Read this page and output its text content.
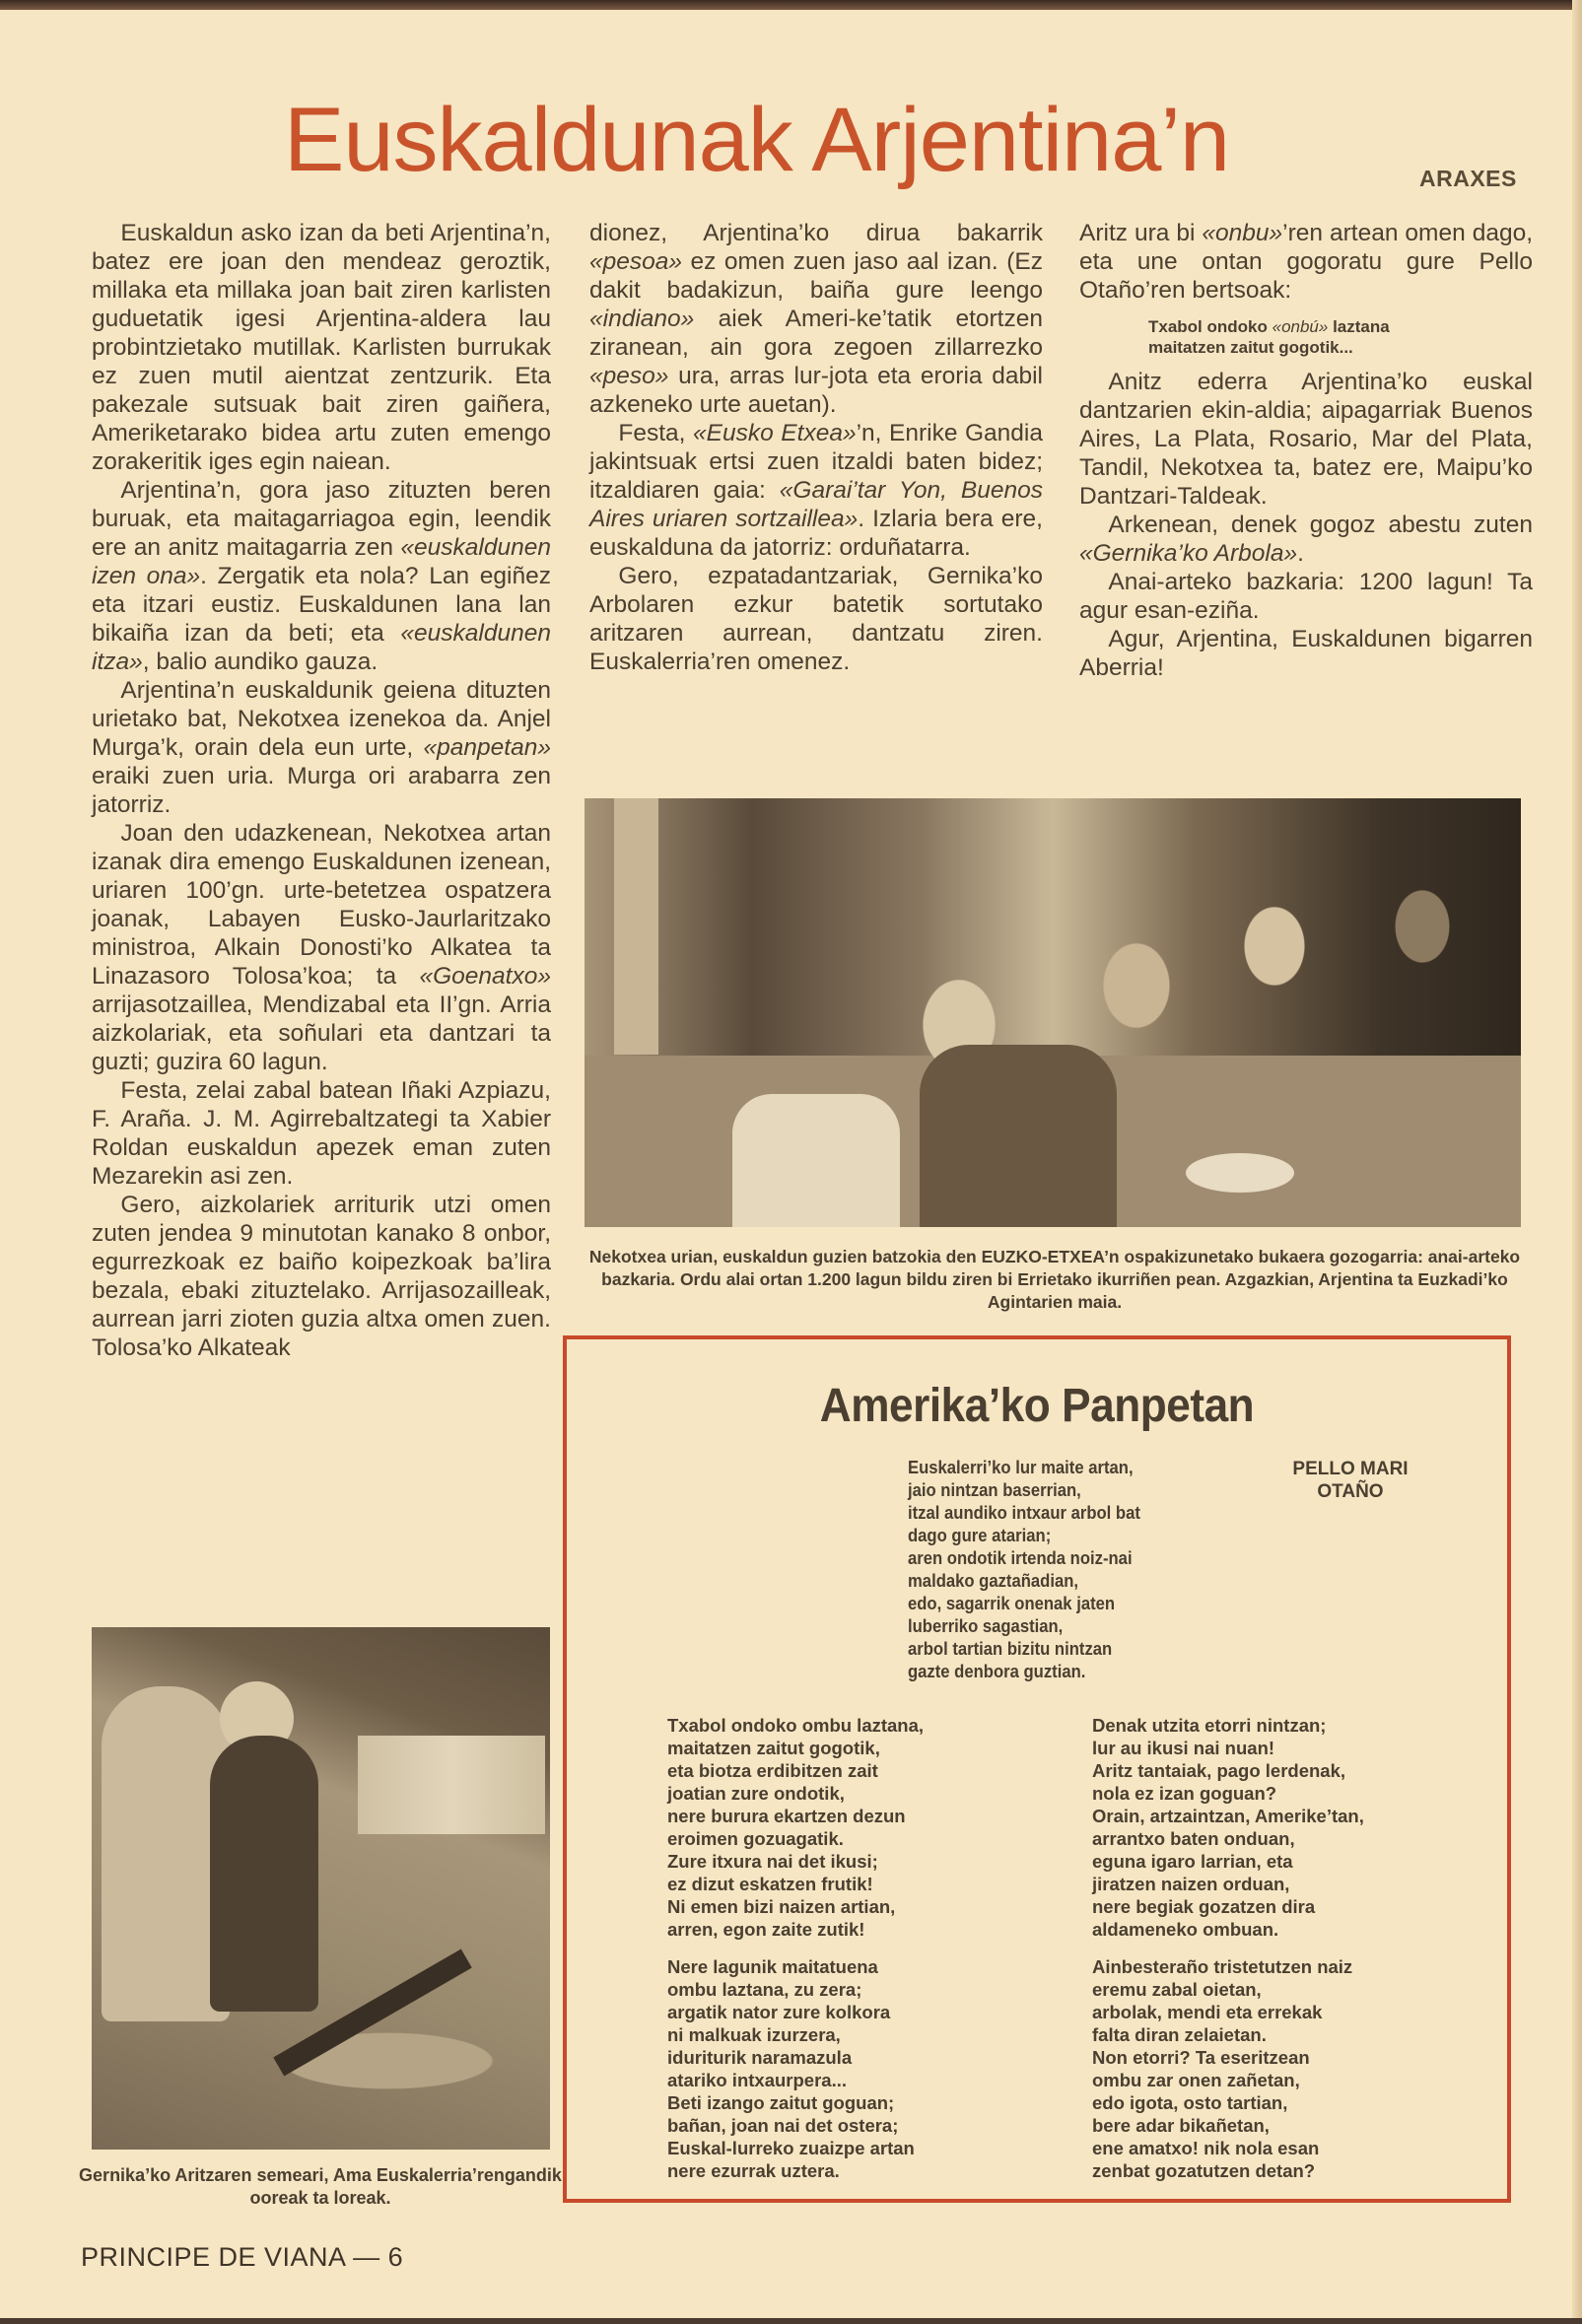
Euskaldunak Arjentina’n	ARAXES

Euskaldun asko izan da beti Arjentina’n, batez ere joan den mendeaz geroztik, millaka eta millaka joan bait ziren karlisten guduetatik igesi Arjentina-aldera lau probintzietako mutillak. Karlisten burrukak ez zuen mutil aientzat zentzurik. Eta pakezale sutsuak bait ziren gaiñera, Ameriketarako bidea artu zuten emengo zorakeritik iges egin naiean.

Arjentina’n, gora jaso zituzten beren buruak, eta maitagarriagoa egin, leendik ere an anitz maitagarria zen «euskaldunen izen ona». Zergatik eta nola? Lan egiñez eta itzari eustiz. Euskaldunen lana lan bikaiña izan da beti; eta «euskaldunen itza», balio aundiko gauza.

Arjentina’n euskaldunik geiena dituzten urietako bat, Nekotxea izenekoa da. Anjel Murga’k, orain dela eun urte, «panpetan» eraiki zuen uria. Murga ori arabarra zen jatorriz.

Joan den udazkenean, Nekotxea artan izanak dira emengo Euskaldunen izenean, uriaren 100’gn. urte-betetzea ospatzera joanak, Labayen Eusko-Jaurlaritzako ministroa, Alkain Donosti’ko Alkatea ta Linazasoro Tolosa’koa; ta «Goenatxo» arrijasotzaillea, Mendizabal eta II’gn. Arria aizkolariak, eta soñulari eta dantzari ta guzti; guzira 60 lagun.

Festa, zelai zabal batean Iñaki Azpiazu, F. Araña. J. M. Agirrebaltzategi ta Xabier Roldan euskaldun apezek eman zuten Mezarekin asi zen.

Gero, aizkolariek arriturik utzi omen zuten jendea 9 minutotan kanako 8 onbor, egurrezkoak ez baiño koipezkoak ba’lira bezala, ebaki zituztelako. Arrijasozailleak, aurrean jarri zioten guzia altxa omen zuen. Tolosa’ko Alkateak

dionez, Arjentina’ko dirua bakarrik «pesoa» ez omen zuen jaso aal izan. (Ez dakit badakizun, baiña gure leengo «indiano» aiek Ameri-ke’tatik etortzen ziranean, ain gora zegoen zillarrezko «peso» ura, arras lur-jota eta eroria dabil azkeneko urte auetan).

Festa, «Eusko Etxea»’n, Enrike Gandia jakintsuak ertsi zuen itzaldi baten bidez; itzaldiaren gaia: «Garai’tar Yon, Buenos Aires uriaren sortzaillea». Izlaria bera ere, euskalduna da jatorriz: orduñatarra.

Gero, ezpatadantzariak, Gernika’ko Arbolaren ezkur batetik sortutako aritzaren aurrean, dantzatu ziren. Euskalerria’ren omenez.

Aritz ura bi «onbu»’ren artean omen dago, eta une ontan gogoratu gure Pello Otaño’ren bertsoak:

Txabol ondoko «onbú» laztana
maitatzen zaitut gogotik...

Anitz ederra Arjentina’ko euskal dantzarien ekin-aldia; aipagarriak Buenos Aires, La Plata, Rosario, Mar del Plata, Tandil, Nekotxea ta, batez ere, Maipu’ko Dantzari-Taldeak.

Arkenean, denek gogoz abestu zuten «Gernika’ko Arbola».

Anai-arteko bazkaria: 1200 lagun! Ta agur esan-eziña.

Agur, Arjentina, Euskaldunen bigarren Aberria!

Nekotxea urian, euskaldun guzien batzokia den EUZKO-ETXEA’n ospakizunetako bukaera gozogarria: anai-arteko bazkaria. Ordu alai ortan 1.200 lagun bildu ziren bi Errietako ikurriñen pean. Azgazkian, Arjentina ta Euzkadi’ko Agintarien maia.
Gernika’ko Aritzaren semeari, Ama Euskalerria’rengandik ooreak ta loreak.
Amerika’ko Panpetan
PELLO MARI
OTAÑO
Euskalerri’ko lur maite artan,
jaio nintzan baserrian,
itzal aundiko intxaur arbol bat
dago gure atarian;
aren ondotik irtenda noiz-nai
maldako gaztañadian,
edo, sagarrik onenak jaten
luberriko sagastian,
arbol tartian bizitu nintzan
gazte denbora guztian.
Txabol ondoko ombu laztana,
maitatzen zaitut gogotik,
eta biotza erdibitzen zait
joatian zure ondotik,
nere burura ekartzen dezun
eroimen gozuagatik.
Zure itxura nai det ikusi;
ez dizut eskatzen frutik!
Ni emen bizi naizen artian,
arren, egon zaite zutik!
Nere lagunik maitatuena
ombu laztana, zu zera;
argatik nator zure kolkora
ni malkuak izurzera,
iduriturik naramazula
atariko intxaurpera...
Beti izango zaitut goguan;
bañan, joan nai det ostera;
Euskal-lurreko zuaizpe artan
nere ezurrak uztera.
Denak utzita etorri nintzan;
lur au ikusi nai nuan!
Aritz tantaiak, pago lerdenak,
nola ez izan goguan?
Orain, artzaintzan, Amerike’tan,
arrantxo baten onduan,
eguna igaro larrian, eta
jiratzen naizen orduan,
nere begiak gozatzen dira
aldameneko ombuan.
Ainbesteraño tristetutzen naiz
eremu zabal oietan,
arbolak, mendi eta errekak
falta diran zelaietan.
Non etorri? Ta eseritzean
ombu zar onen zañetan,
edo igota, osto tartian,
bere adar bikañetan,
ene amatxo! nik nola esan
zenbat gozatutzen detan?
PRINCIPE DE VIANA — 6
